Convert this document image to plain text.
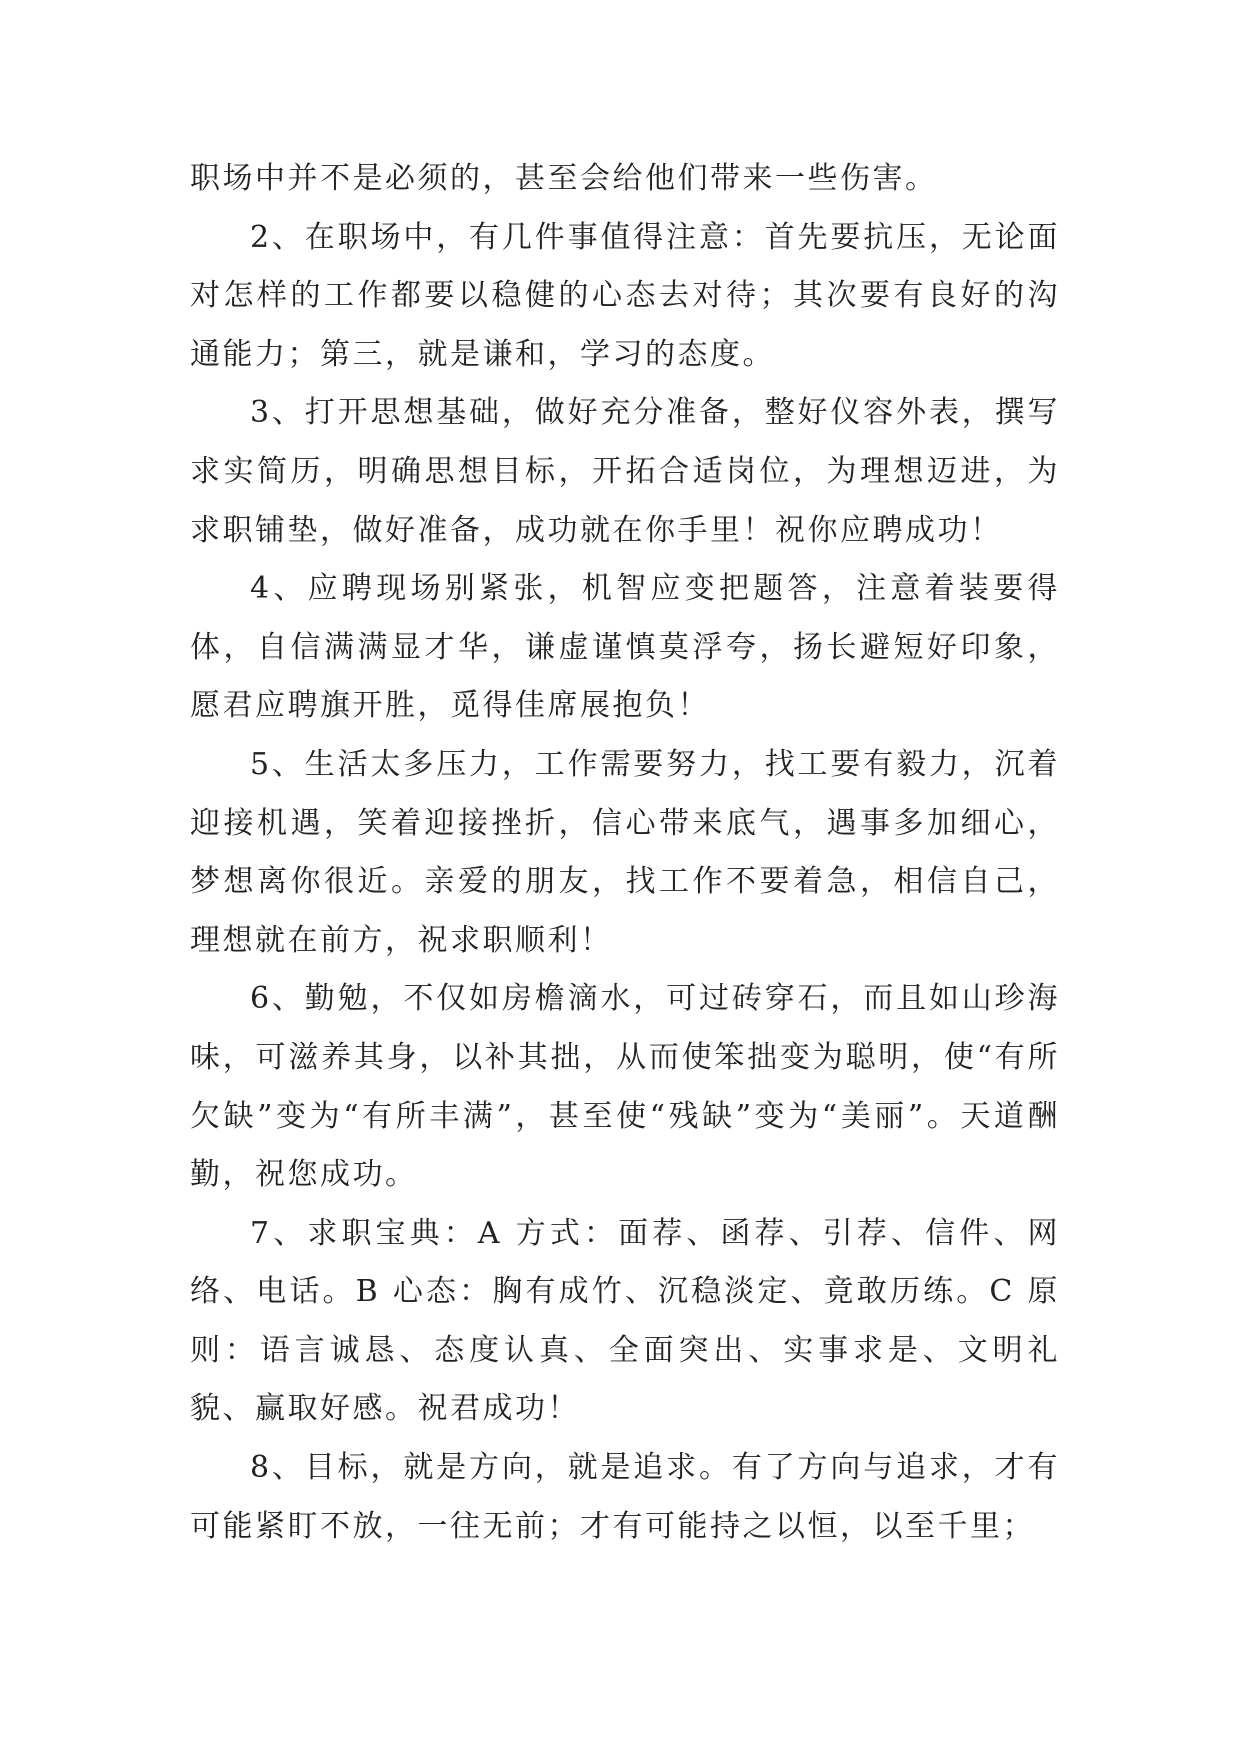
职场中并不是必须的，甚至会给他们带来一些伤害。

2、在职场中，有几件事值得注意：首先要抗压，无论面对怎样的工作都要以稳健的心态去对待；其次要有良好的沟通能力；第三，就是谦和，学习的态度。

3、打开思想基础，做好充分准备，整好仪容外表，撰写求实简历，明确思想目标，开拓合适岗位，为理想迈进，为求职铺垫，做好准备，成功就在你手里！祝你应聘成功！

4、应聘现场别紧张，机智应变把题答，注意着装要得体，自信满满显才华，谦虚谨慎莫浮夸，扬长避短好印象，愿君应聘旗开胜，觅得佳席展抱负！

5、生活太多压力，工作需要努力，找工要有毅力，沉着迎接机遇，笑着迎接挫折，信心带来底气，遇事多加细心，梦想离你很近。亲爱的朋友，找工作不要着急，相信自己，理想就在前方，祝求职顺利！

6、勤勉，不仅如房檐滴水，可过砖穿石，而且如山珍海味，可滋养其身，以补其拙，从而使笨拙变为聪明，使“有所欠缺”变为“有所丰满”，甚至使“残缺”变为“美丽”。天道酬勤，祝您成功。

7、求职宝典：A 方式：面荐、函荐、引荐、信件、网络、电话。B 心态：胸有成竹、沉稳淡定、竟敢历练。C 原则：语言诚恳、态度认真、全面突出、实事求是、文明礼貌、赢取好感。祝君成功！

8、目标，就是方向，就是追求。有了方向与追求，才有可能紧盯不放，一往无前；才有可能持之以恒，以至千里；
